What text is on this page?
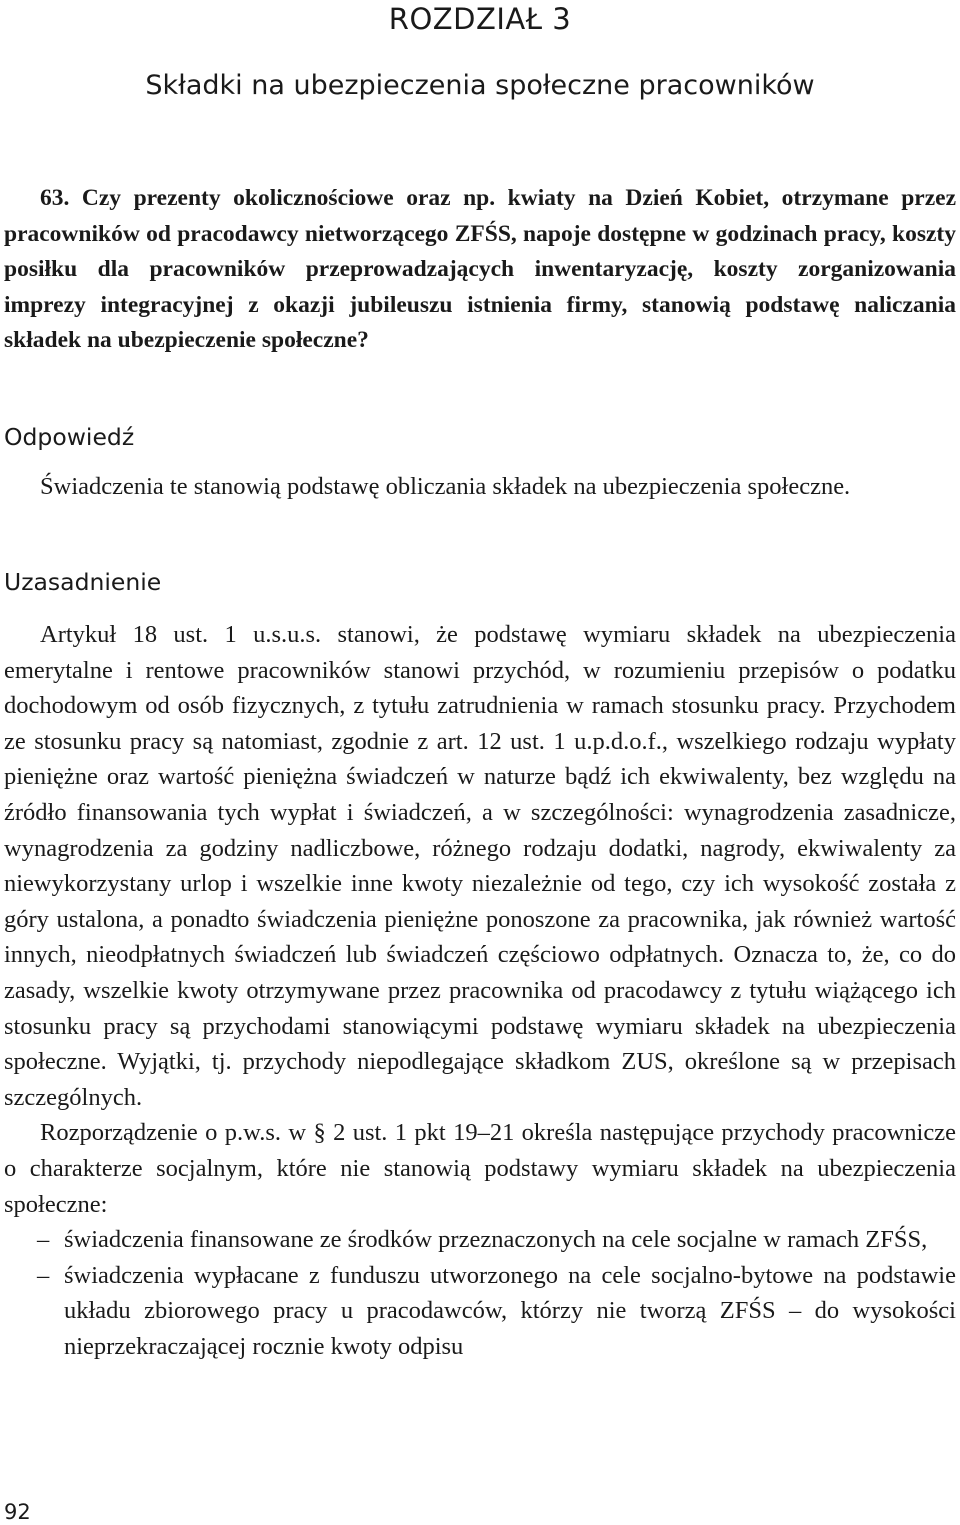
ROZDZIAŁ 3
Składki na ubezpieczenia społeczne pracowników
63. Czy prezenty okolicznościowe oraz np. kwiaty na Dzień Kobiet, otrzymane przez pracowników od pracodawcy nietworzącego ZFŚS, napoje dostępne w godzinach pracy, koszty posiłku dla pracowników przeprowadzających inwentaryzację, koszty zorganizowania imprezy integracyjnej z okazji jubileuszu istnienia firmy, stanowią podstawę naliczania składek na ubezpieczenie społeczne?
Odpowiedź
Świadczenia te stanowią podstawę obliczania składek na ubezpieczenia społeczne.
Uzasadnienie

Artykuł 18 ust. 1 u.s.u.s. stanowi, że podstawę wymiaru składek na ubezpieczenia emerytalne i rentowe pracowników stanowi przychód, w rozumieniu przepisów o podatku dochodowym od osób fizycznych, z tytułu zatrudnienia w ramach stosunku pracy. Przychodem ze stosunku pracy są natomiast, zgodnie z art. 12 ust. 1 u.p.d.o.f., wszelkiego rodzaju wypłaty pieniężne oraz wartość pieniężna świadczeń w naturze bądź ich ekwiwalenty, bez względu na źródło finansowania tych wypłat i świadczeń, a w szczególności: wynagrodzenia zasadnicze, wynagrodzenia za godziny nadliczbowe, różnego rodzaju dodatki, nagrody, ekwiwalenty za niewykorzystany urlop i wszelkie inne kwoty niezależnie od tego, czy ich wysokość została z góry ustalona, a ponadto świadczenia pieniężne ponoszone za pracownika, jak również wartość innych, nieodpłatnych świadczeń lub świadczeń częściowo odpłatnych. Oznacza to, że, co do zasady, wszelkie kwoty otrzymywane przez pracownika od pracodawcy z tytułu wiążącego ich stosunku pracy są przychodami stanowiącymi podstawę wymiaru składek na ubezpieczenia społeczne. Wyjątki, tj. przychody niepodlegające składkom ZUS, określone są w przepisach szczególnych.

Rozporządzenie o p.w.s. w § 2 ust. 1 pkt 19–21 określa następujące przychody pracownicze o charakterze socjalnym, które nie stanowią podstawy wymiaru składek na ubezpieczenia społeczne:

– świadczenia finansowane ze środków przeznaczonych na cele socjalne w ramach ZFŚS,
– świadczenia wypłacane z funduszu utworzonego na cele socjalno-bytowe na podstawie układu zbiorowego pracy u pracodawców, którzy nie tworzą ZFŚS – do wysokości nieprzekraczającej rocznie kwoty odpisu
92
